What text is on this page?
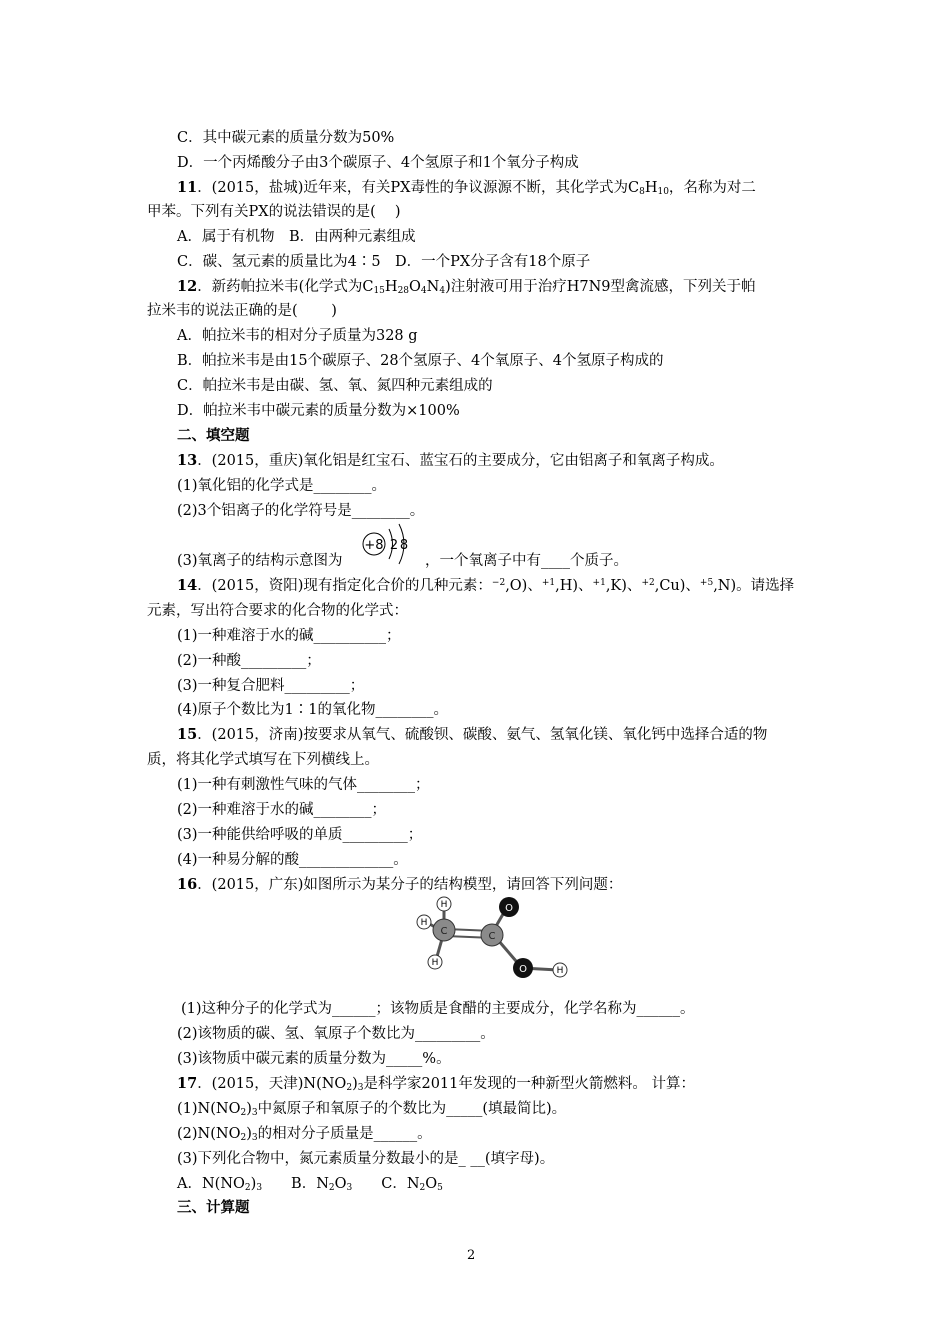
C．其中碳元素的质量分数为50%
D．一个丙烯酸分子由3个碳原子、4个氢原子和1个氧分子构成
11．(2015，盐城)近年来，有关PX毒性的争议源源不断，其化学式为$C_8H_{10}$，名称为对二
甲苯。下列有关PX的说法错误的是(　 )
A．属于有机物　B．由两种元素组成
C．碳、氢元素的质量比为4∶5　D．一个PX分子含有18个原子
12．新药帕拉米韦(化学式为$C_{15}H_{28}O_4N_4$)注射液可用于治疗H7N9型禽流感，下列关于帕
拉米韦的说法正确的是(　 　)
A．帕拉米韦的相对分子质量为328 g
B．帕拉米韦是由15个碳原子、28个氢原子、4个氧原子、4个氢原子构成的
C．帕拉米韦是由碳、氢、氧、氮四种元素组成的
D．帕拉米韦中碳元素的质量分数为×100%
二、填空题
13．(2015，重庆)氧化铝是红宝石、蓝宝石的主要成分，它由铝离子和氧离子构成。
(1)氧化铝的化学式是________。
(2)3个铝离子的化学符号是________。
(3)氧离子的结构示意图为
+8 2 8
，一个氧离子中有____个质子。
14．(2015，资阳)现有指定化合价的几种元素：$^{-2}$,O)、$^{+1}$,H)、$^{+1}$,K)、$^{+2}$,Cu)、$^{+5}$,N)。请选择
元素，写出符合要求的化合物的化学式：
(1)一种难溶于水的碱__________；
(2)一种酸_________；
(3)一种复合肥料_________；
(4)原子个数比为1∶1的氧化物________。
15．(2015，济南)按要求从氧气、硫酸钡、碳酸、氨气、氢氧化镁、氧化钙中选择合适的物
质，将其化学式填写在下列横线上。
(1)一种有刺激性气味的气体________；
(2)一种难溶于水的碱________；
(3)一种能供给呼吸的单质_________；
(4)一种易分解的酸_____________。
16．(2015，广东)如图所示为某分子的结构模型，请回答下列问题：
C	C
H
H
H
O
O	H
(1)这种分子的化学式为______；该物质是食醋的主要成分，化学名称为______。
(2)该物质的碳、氢、氧原子个数比为_________。
(3)该物质中碳元素的质量分数为_____%。
17．(2015，天津)$N(NO_2)_3$是科学家2011年发现的一种新型火箭燃料。 计算：
$(1)N(NO_2)_3$中氮原子和氧原子的个数比为_____(填最简比)。
$(2)N(NO_2)_3$的相对分子质量是______。
(3)下列化合物中，氮元素质量分数最小的是_ __(填字母)。
A．$N(NO_2)_3$　　B．$N_2O_3$　　C．$N_2O_5$
三、计算题
2
